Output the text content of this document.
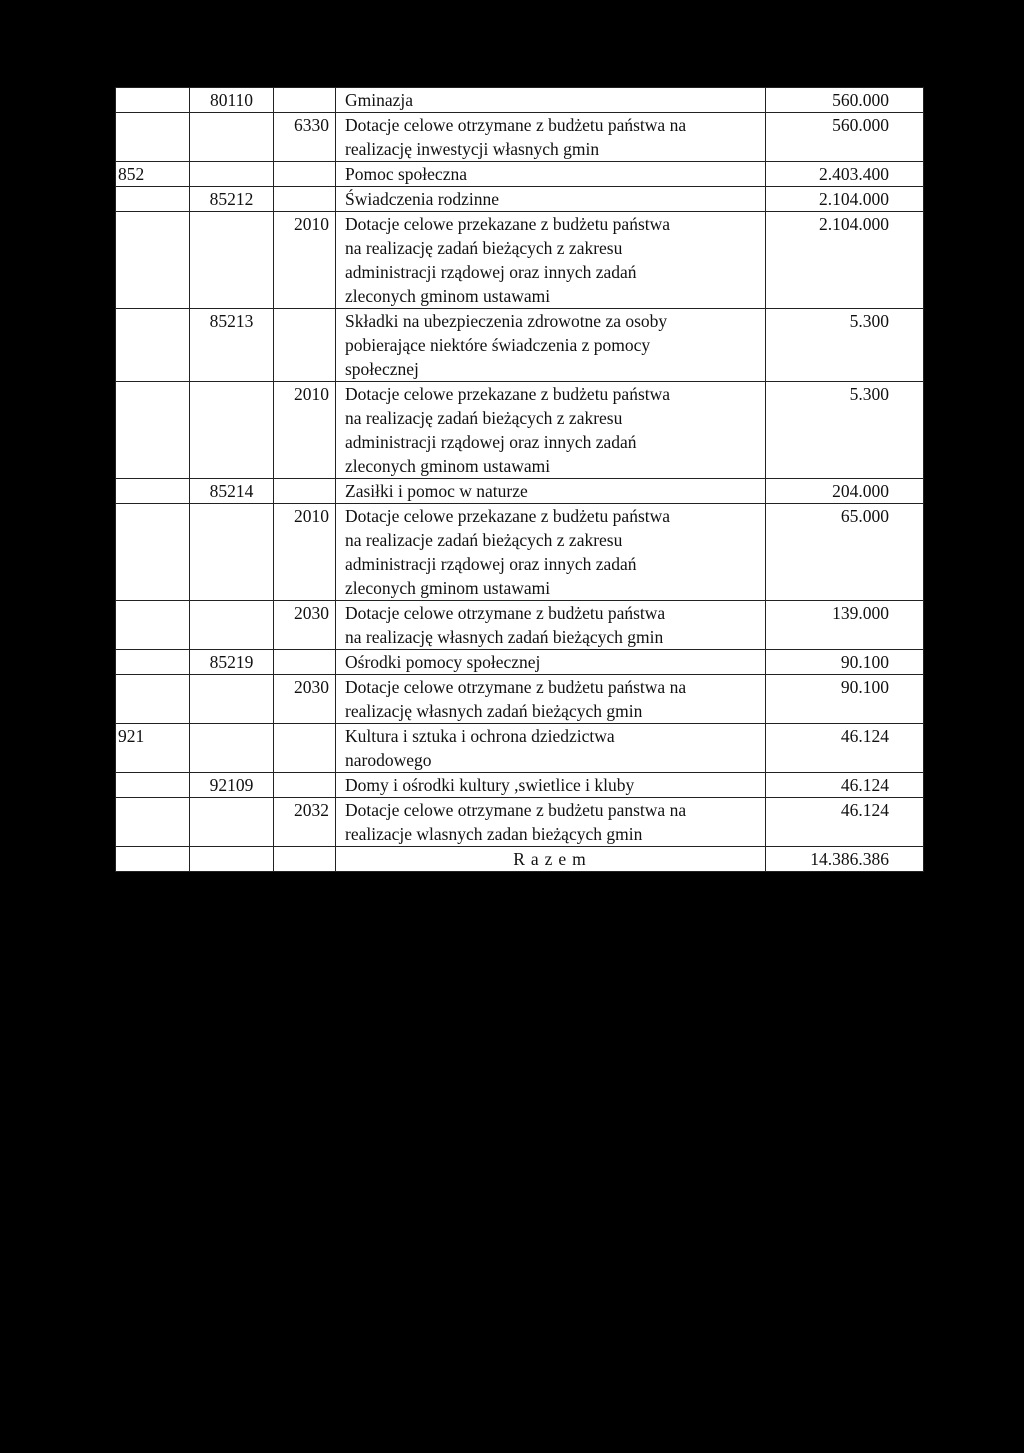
	80110		Gminazja	560.000
		6330	Dotacje celowe otrzymane z budżetu państwa na
realizację inwestycji własnych gmin	560.000
852			Pomoc społeczna	2.403.400
	85212		Świadczenia rodzinne	2.104.000
		2010	Dotacje celowe przekazane z budżetu państwa
na realizację zadań bieżących z zakresu
administracji rządowej oraz innych zadań
zleconych gminom ustawami	2.104.000
	85213		Składki na ubezpieczenia zdrowotne za osoby
pobierające niektóre świadczenia z pomocy
społecznej	5.300
		2010	Dotacje celowe przekazane z budżetu państwa
na realizację zadań bieżących z zakresu
administracji rządowej oraz innych zadań
zleconych gminom ustawami	5.300
	85214		Zasiłki i pomoc w naturze	204.000
		2010	Dotacje celowe przekazane z budżetu państwa
na realizacje zadań bieżących z zakresu
administracji rządowej oraz innych zadań
zleconych gminom ustawami	65.000
		2030	Dotacje celowe otrzymane z budżetu państwa
na realizację własnych zadań bieżących gmin	139.000
	85219		Ośrodki pomocy społecznej	90.100
		2030	Dotacje celowe otrzymane z budżetu państwa na
realizację własnych zadań bieżących gmin	90.100
921			Kultura i sztuka i ochrona dziedzictwa
narodowego	46.124
	92109		Domy i ośrodki kultury ,swietlice i kluby	46.124
		2032	Dotacje celowe otrzymane z budżetu panstwa na
realizacje wlasnych zadan bieżących gmin	46.124
			Razem	14.386.386
